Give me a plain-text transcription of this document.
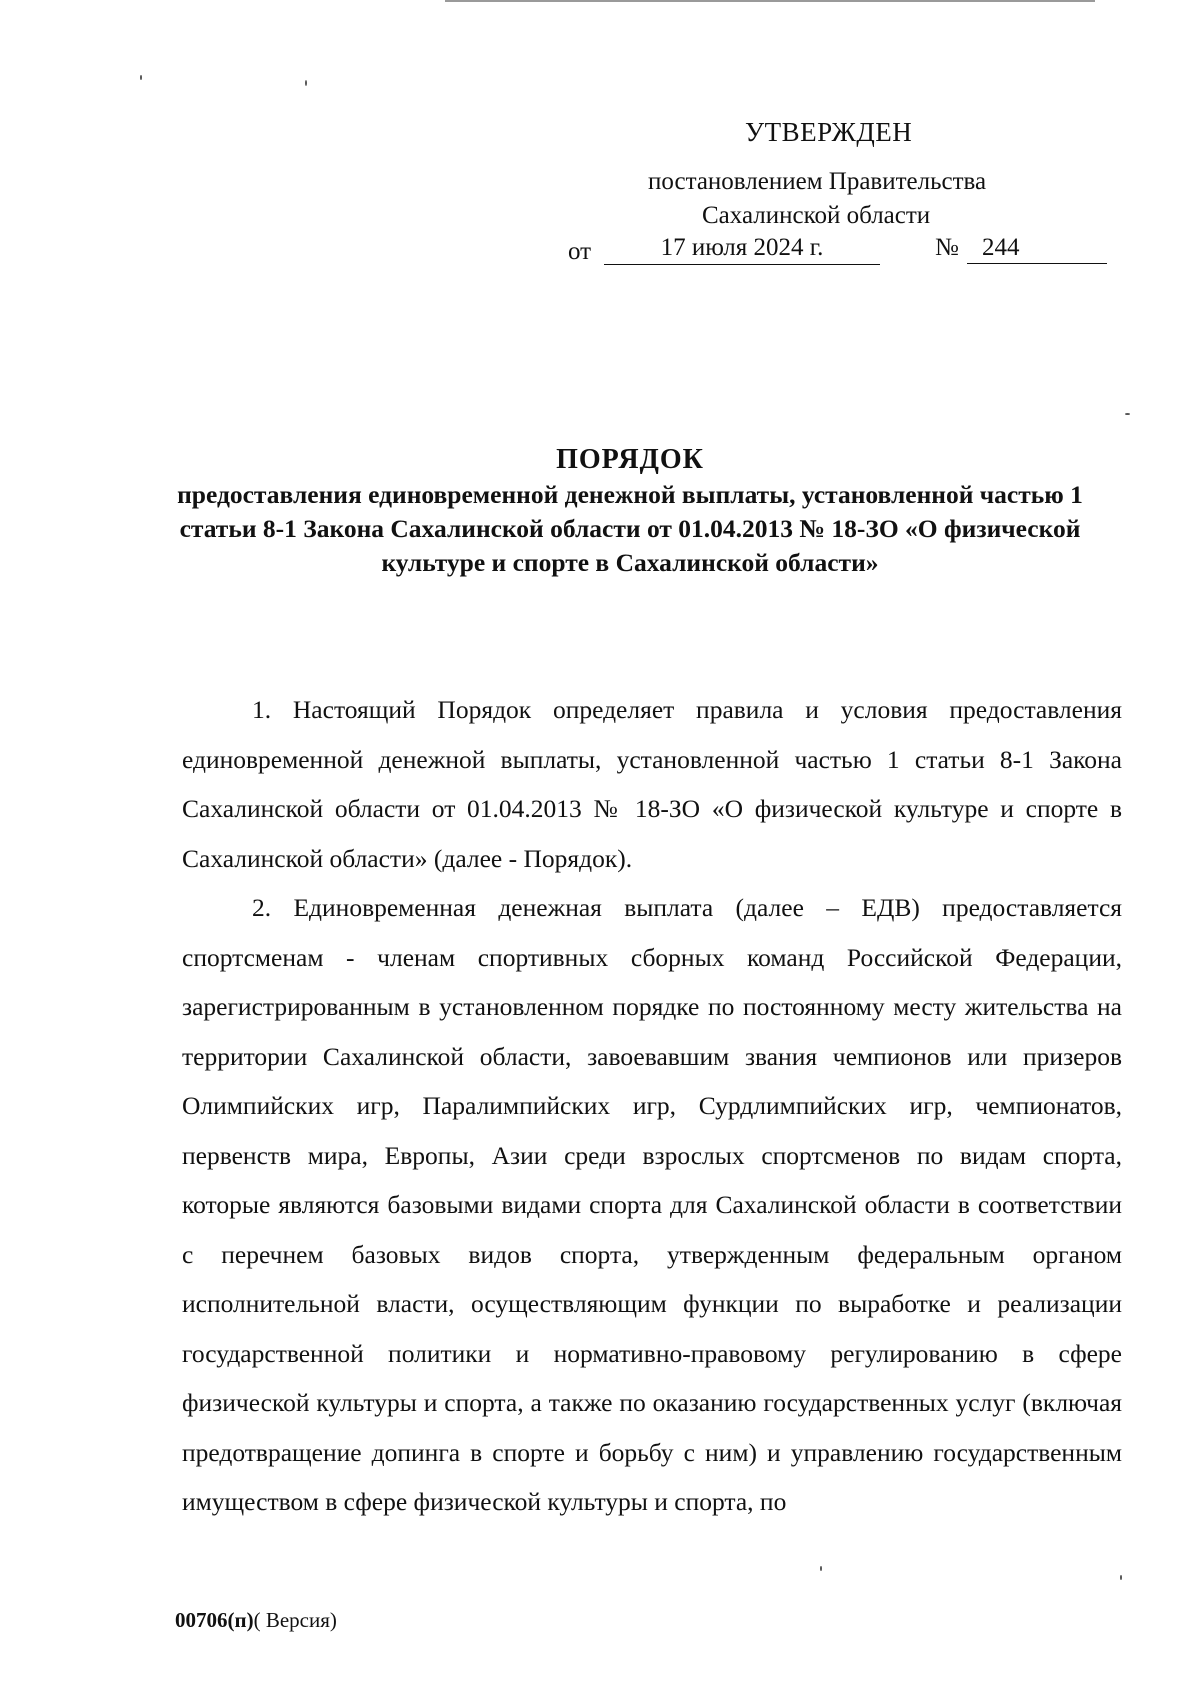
УТВЕРЖДЕН
постановлением Правительства
Сахалинской области
от	17 июля 2024 г.	№ 244
ПОРЯДОК
предоставления единовременной денежной выплаты, установленной частью 1 статьи 8-1 Закона Сахалинской области от 01.04.2013 № 18-ЗО «О физической культуре и спорте в Сахалинской области»

1. Настоящий Порядок определяет правила и условия предоставления единовременной денежной выплаты, установленной частью 1 статьи 8-1 Закона Сахалинской области от 01.04.2013 № 18-ЗО «О физической культуре и спорте в Сахалинской области» (далее - Порядок).

2. Единовременная денежная выплата (далее – ЕДВ) предоставляется спортсменам - членам спортивных сборных команд Российской Федерации, зарегистрированным в установленном порядке по постоянному месту жительства на территории Сахалинской области, завоевавшим звания чемпионов или призеров Олимпийских игр, Паралимпийских игр, Сурдлимпийских игр, чемпионатов, первенств мира, Европы, Азии среди взрослых спортсменов по видам спорта, которые являются базовыми видами спорта для Сахалинской области в соответствии с перечнем базовых видов спорта, утвержденным федеральным органом исполнительной власти, осуществляющим функции по выработке и реализации государственной политики и нормативно-правовому регулированию в сфере физической культуры и спорта, а также по оказанию государственных услуг (включая предотвращение допинга в спорте и борьбу с ним) и управлению государственным имуществом в сфере физической культуры и спорта, по

00706(п)( Версия)
